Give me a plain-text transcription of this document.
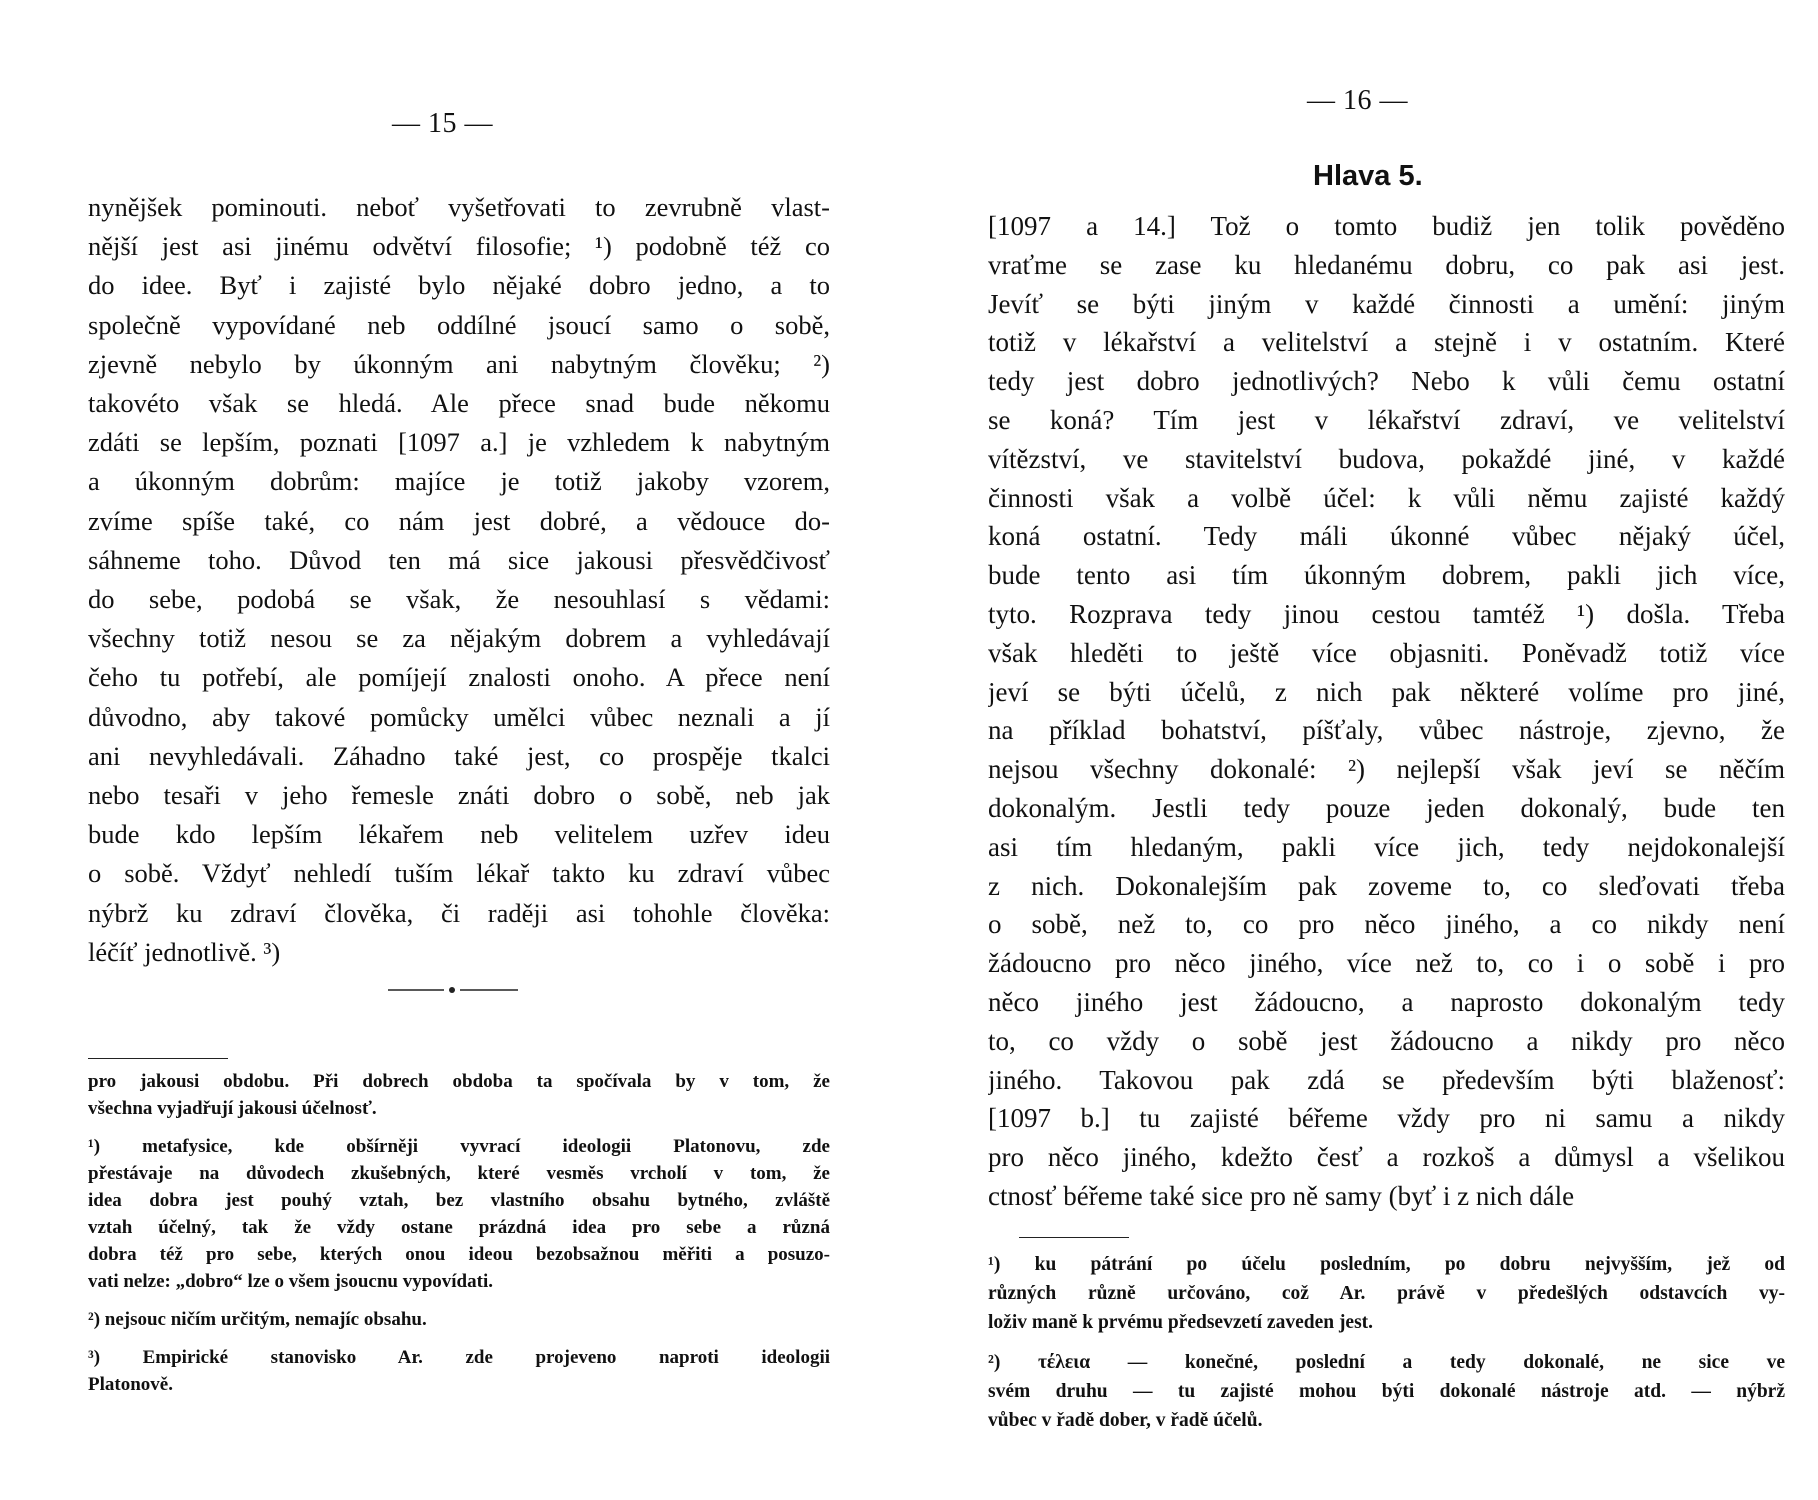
— 15 —
nynějšek pominouti. neboť vyšetřovati to zevrubně vlast-
nější jest asi jinému odvětví filosofie; ¹) podobně též co
do idee. Byť i zajisté bylo nějaké dobro jedno, a to
společně vypovídané neb oddílné jsoucí samo o sobě,
zjevně nebylo by úkonným ani nabytným člověku; ²)
takovéto však se hledá. Ale přece snad bude někomu
zdáti se lepším, poznati [1097 a.] je vzhledem k nabytným
a úkonným dobrům: majíce je totiž jakoby vzorem,
zvíme spíše také, co nám jest dobré, a vědouce do-
sáhneme toho. Důvod ten má sice jakousi přesvědčivosť
do sebe, podobá se však, že nesouhlasí s vědami:
všechny totiž nesou se za nějakým dobrem a vyhledávají
čeho tu potřebí, ale pomíjejí znalosti onoho. A přece není
důvodno, aby takové pomůcky umělci vůbec neznali a jí
ani nevyhledávali. Záhadno také jest, co prospěje tkalci
nebo tesaři v jeho řemesle znáti dobro o sobě, neb jak
bude kdo lepším lékařem neb velitelem uzřev ideu
o sobě. Vždyť nehledí tuším lékař takto ku zdraví vůbec
nýbrž ku zdraví člověka, či raději asi tohohle člověka:
léčíť jednotlivě. ³)
pro jakousi obdobu. Při dobrech obdoba ta spočívala by v tom, že
všechna vyjadřují jakousi účelnosť.
¹) metafysice, kde obšírněji vyvrací ideologii Platonovu, zde
přestávaje na důvodech zkušebných, které vesměs vrcholí v tom, že
idea dobra jest pouhý vztah, bez vlastního obsahu bytného, zvláště
vztah účelný, tak že vždy ostane prázdná idea pro sebe a různá
dobra též pro sebe, kterých onou ideou bezobsažnou měřiti a posuzo-
vati nelze: „dobro“ lze o všem jsoucnu vypovídati.
²) nejsouc ničím určitým, nemajíc obsahu.
³) Empirické stanovisko Ar. zde projeveno naproti ideologii
Platonově.
— 16 —
Hlava 5.
[1097 a 14.] Tož o tomto budiž jen tolik pověděno
vraťme se zase ku hledanému dobru, co pak asi jest.
Jevíť se býti jiným v každé činnosti a umění: jiným
totiž v lékařství a velitelství a stejně i v ostatním. Které
tedy jest dobro jednotlivých? Nebo k vůli čemu ostatní
se koná? Tím jest v lékařství zdraví, ve velitelství
vítězství, ve stavitelství budova, pokaždé jiné, v každé
činnosti však a volbě účel: k vůli němu zajisté každý
koná ostatní. Tedy máli úkonné vůbec nějaký účel,
bude tento asi tím úkonným dobrem, pakli jich více,
tyto. Rozprava tedy jinou cestou tamtéž ¹) došla. Třeba
však hleděti to ještě více objasniti. Poněvadž totiž více
jeví se býti účelů, z nich pak některé volíme pro jiné,
na příklad bohatství, píšťaly, vůbec nástroje, zjevno, že
nejsou všechny dokonalé: ²) nejlepší však jeví se něčím
dokonalým. Jestli tedy pouze jeden dokonalý, bude ten
asi tím hledaným, pakli více jich, tedy nejdokonalejší
z nich. Dokonalejším pak zoveme to, co sleďovati třeba
o sobě, než to, co pro něco jiného, a co nikdy není
žádoucno pro něco jiného, více než to, co i o sobě i pro
něco jiného jest žádoucno, a naprosto dokonalým tedy
to, co vždy o sobě jest žádoucno a nikdy pro něco
jiného. Takovou pak zdá se především býti blaženosť:
[1097 b.] tu zajisté béřeme vždy pro ni samu a nikdy
pro něco jiného, kdežto česť a rozkoš a důmysl a všelikou
ctnosť béřeme také sice pro ně samy (byť i z nich dále
¹) ku pátrání po účelu posledním, po dobru nejvyšším, jež od
různých různě určováno, což Ar. právě v předešlých odstavcích vy-
loživ maně k prvému předsevzetí zaveden jest.
²) τέλεια — konečné, poslední a tedy dokonalé, ne sice ve
svém druhu — tu zajisté mohou býti dokonalé nástroje atd. — nýbrž
vůbec v řadě dober, v řadě účelů.
